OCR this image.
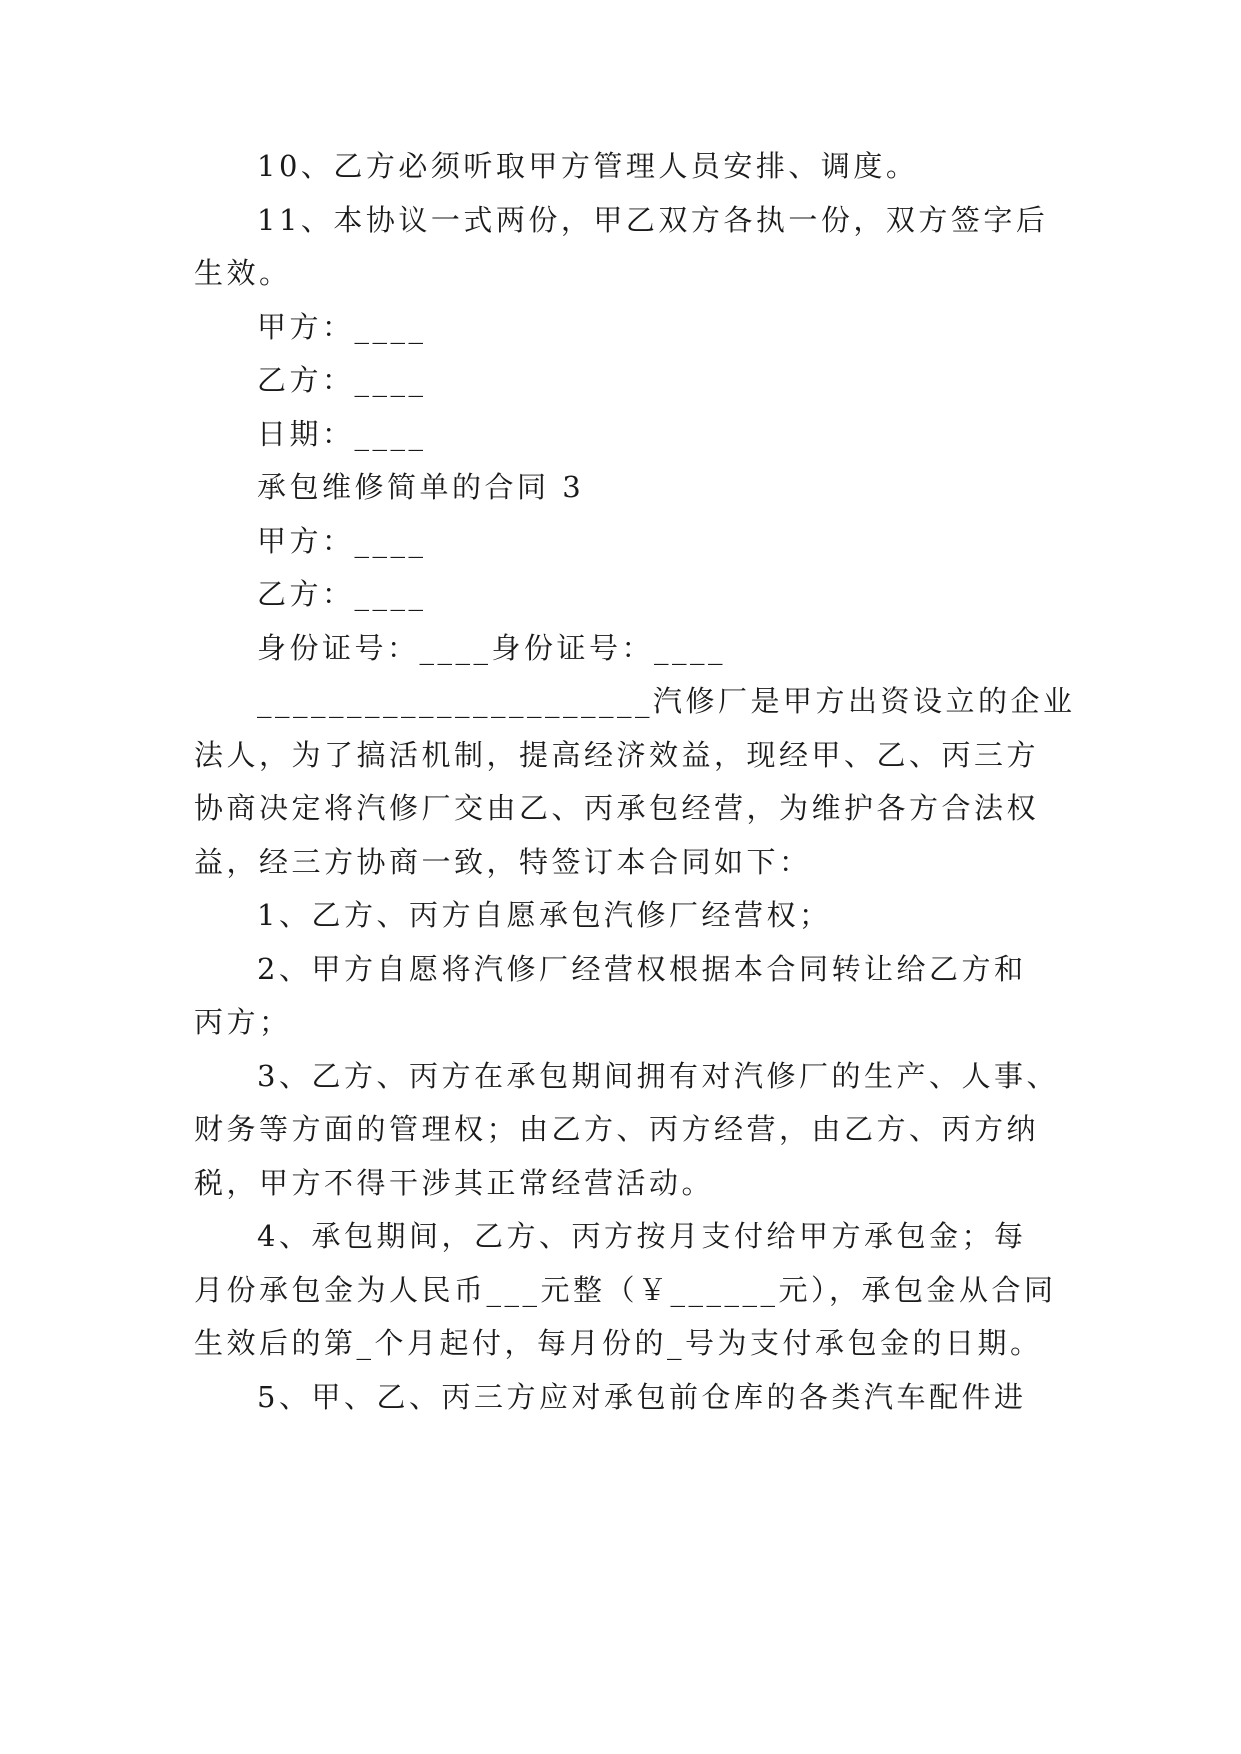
10、乙方必须听取甲方管理人员安排、调度。
11、本协议一式两份，甲乙双方各执一份，双方签字后
生效。
甲方：____
乙方：____
日期：____
承包维修简单的合同 3
甲方：____
乙方：____
身份证号：____身份证号：____
______________________汽修厂是甲方出资设立的企业
法人，为了搞活机制，提高经济效益，现经甲、乙、丙三方
协商决定将汽修厂交由乙、丙承包经营，为维护各方合法权
益，经三方协商一致，特签订本合同如下：
1、乙方、丙方自愿承包汽修厂经营权；
2、甲方自愿将汽修厂经营权根据本合同转让给乙方和
丙方；
3、乙方、丙方在承包期间拥有对汽修厂的生产、人事、
财务等方面的管理权；由乙方、丙方经营，由乙方、丙方纳
税，甲方不得干涉其正常经营活动。
4、承包期间，乙方、丙方按月支付给甲方承包金；每
月份承包金为人民币___元整（￥______元），承包金从合同
生效后的第_个月起付，每月份的_号为支付承包金的日期。
5、甲、乙、丙三方应对承包前仓库的各类汽车配件进
